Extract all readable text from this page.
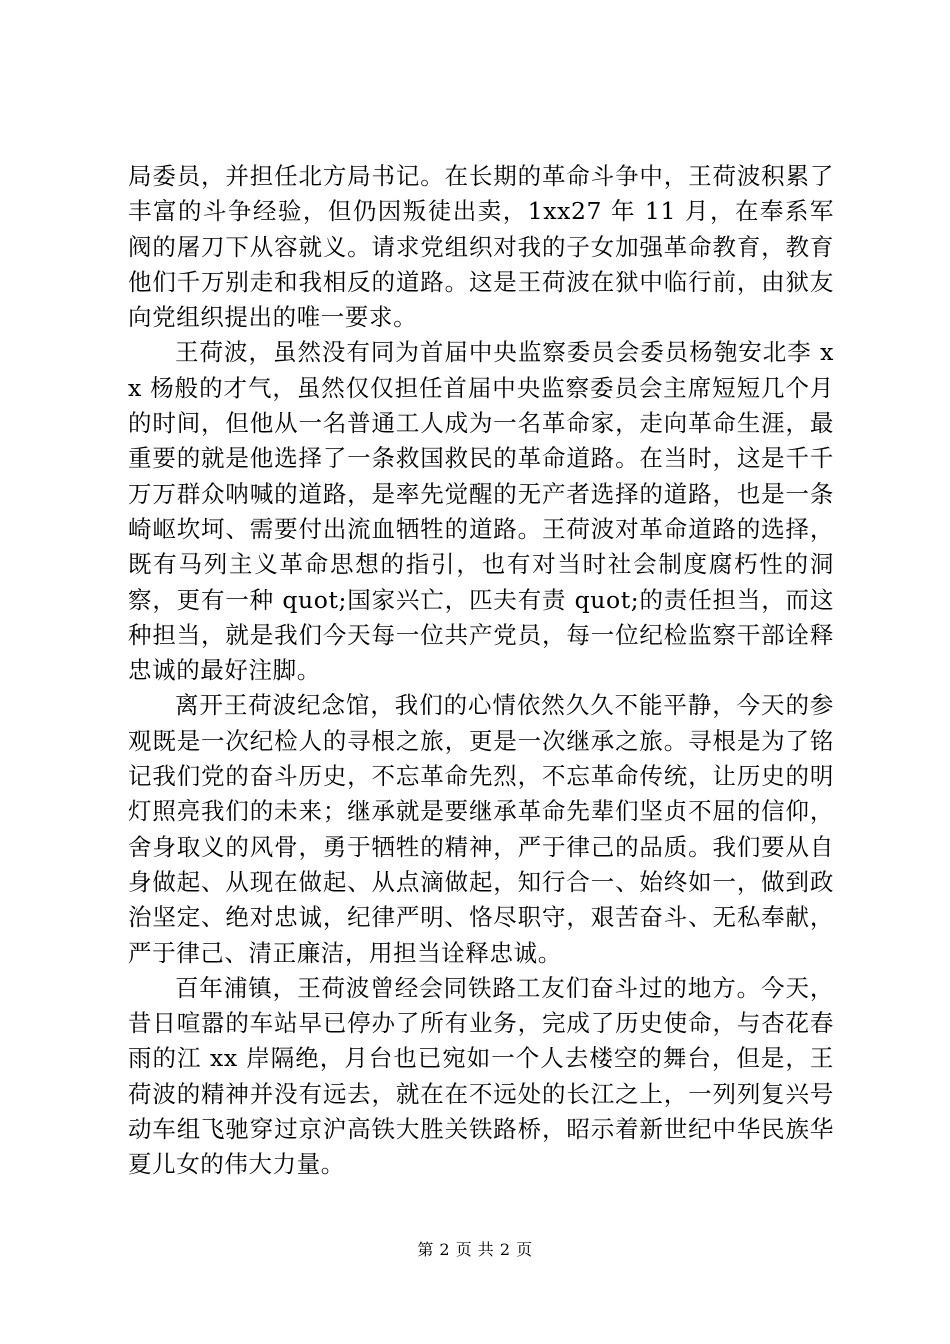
局委员，并担任北方局书记。在长期的革命斗争中，王荷波积累了丰富的斗争经验，但仍因叛徒出卖，1xx27 年 11 月，在奉系军阀的屠刀下从容就义。请求党组织对我的子女加强革命教育，教育他们千万别走和我相反的道路。这是王荷波在狱中临行前，由狱友向党组织提出的唯一要求。

王荷波，虽然没有同为首届中央监察委员会委员杨匏安北李 xx 杨般的才气，虽然仅仅担任首届中央监察委员会主席短短几个月的时间，但他从一名普通工人成为一名革命家，走向革命生涯，最重要的就是他选择了一条救国救民的革命道路。在当时，这是千千万万群众呐喊的道路，是率先觉醒的无产者选择的道路，也是一条崎岖坎坷、需要付出流血牺牲的道路。王荷波对革命道路的选择，既有马列主义革命思想的指引，也有对当时社会制度腐朽性的洞察，更有一种 quot;国家兴亡，匹夫有责 quot;的责任担当，而这种担当，就是我们今天每一位共产党员，每一位纪检监察干部诠释忠诚的最好注脚。

离开王荷波纪念馆，我们的心情依然久久不能平静，今天的参观既是一次纪检人的寻根之旅，更是一次继承之旅。寻根是为了铭记我们党的奋斗历史，不忘革命先烈，不忘革命传统，让历史的明灯照亮我们的未来；继承就是要继承革命先辈们坚贞不屈的信仰，舍身取义的风骨，勇于牺牲的精神，严于律己的品质。我们要从自身做起、从现在做起、从点滴做起，知行合一、始终如一，做到政治坚定、绝对忠诚，纪律严明、恪尽职守，艰苦奋斗、无私奉献，严于律己、清正廉洁，用担当诠释忠诚。

百年浦镇，王荷波曾经会同铁路工友们奋斗过的地方。今天，昔日喧嚣的车站早已停办了所有业务，完成了历史使命，与杏花春雨的江 xx 岸隔绝，月台也已宛如一个人去楼空的舞台，但是，王荷波的精神并没有远去，就在在不远处的长江之上，一列列复兴号动车组飞驰穿过京沪高铁大胜关铁路桥，昭示着新世纪中华民族华夏儿女的伟大力量。

第 2 页 共 2 页
